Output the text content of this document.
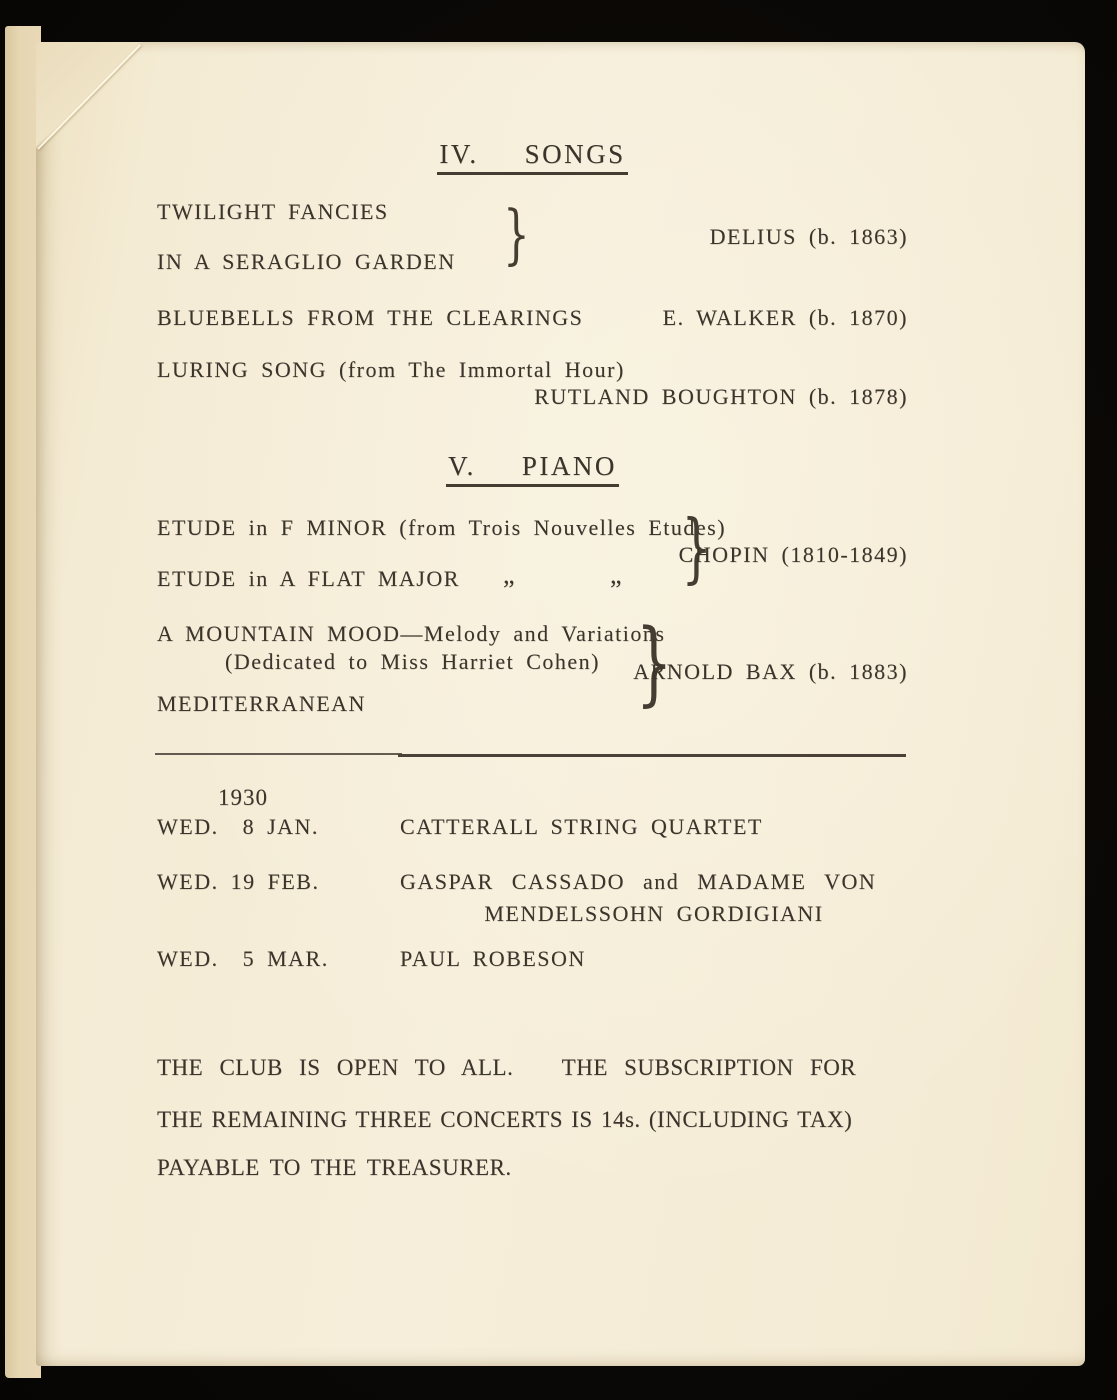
IV. SONGS
TWILIGHT FANCIES
IN A SERAGLIO GARDEN }	DELIUS (b. 1863)
BLUEBELLS FROM THE CLEARINGS	E. WALKER (b. 1870)
LURING SONG (from The Immortal Hour)
RUTLAND BOUGHTON (b. 1878)
V. PIANO
ETUDE in F MINOR (from Trois Nouvelles Etudes)
ETUDE in A FLAT MAJOR „	„ }
CHOPIN (1810-1849)
A MOUNTAIN MOOD—Melody and Variations
(Dedicated to Miss Harriet Cohen)
MEDITERRANEAN	}
ARNOLD BAX (b. 1883)
1930
WED.  8 JAN.	CATTERALL STRING QUARTET
WED. 19 FEB.	GASPAR CASSADO and MADAME VON
MENDELSSOHN GORDIGIANI
WED.  5 MAR.	PAUL ROBESON
THE CLUB IS OPEN TO ALL.   THE SUBSCRIPTION FOR
THE REMAINING THREE CONCERTS IS 14s. (INCLUDING TAX)
PAYABLE TO THE TREASURER.
